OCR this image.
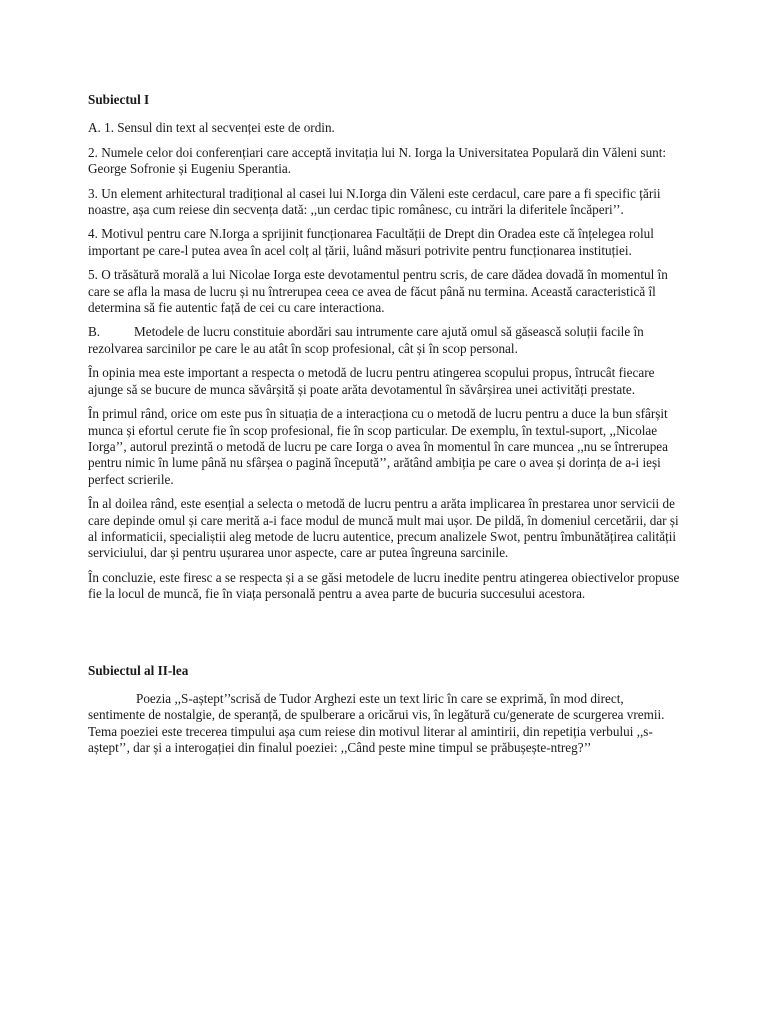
Subiectul I

A. 1. Sensul din text al secvenței este de ordin.

2. Numele celor doi conferențiari care acceptă invitația lui N. Iorga la Universitatea Populară din Văleni sunt: George Sofronie și Eugeniu Sperantia.

3. Un element arhitectural tradițional al casei lui N.Iorga din Văleni este cerdacul, care pare a fi specific țării noastre, așa cum reiese din secvența dată: ,,un cerdac tipic românesc, cu intrări la diferitele încăperi’’.

4. Motivul pentru care N.Iorga a sprijinit funcționarea Facultății de Drept din Oradea este că înțelegea rolul important pe care-l putea avea în acel colț al țării, luând măsuri potrivite pentru funcționarea instituției.

5. O trăsătură morală a lui Nicolae Iorga este devotamentul pentru scris, de care dădea dovadă în momentul în care se afla la masa de lucru și nu întrerupea ceea ce avea de făcut până nu termina. Această caracteristică îl determina să fie autentic față de cei cu care interactiona.

B.	Metodele de lucru constituie abordări sau intrumente care ajută omul să găsească soluții facile în rezolvarea sarcinilor pe care le au atât în scop profesional, cât și în scop personal.

În opinia mea este important a respecta o metodă de lucru pentru atingerea scopului propus, întrucât fiecare ajunge să se bucure de munca săvârșită și poate arăta devotamentul în săvârșirea unei activități prestate.

În primul rând, orice om este pus în situația de a interacționa cu o metodă de lucru pentru a duce la bun sfârșit munca și efortul cerute fie în scop profesional, fie în scop particular. De exemplu, în textul-suport, ,,Nicolae Iorga’’, autorul prezintă o metodă de lucru pe care Iorga o avea în momentul în care muncea ,,nu se întrerupea pentru nimic în lume până nu sfârșea o pagină începută’’, arătând ambiția pe care o avea și dorința de a-i ieși perfect scrierile.

În al doilea rând, este esențial a selecta o metodă de lucru pentru a arăta implicarea în prestarea unor servicii de care depinde omul și care merită a-i face modul de muncă mult mai ușor. De pildă, în domeniul cercetării, dar și al informaticii, specialiștii aleg metode de lucru autentice, precum analizele Swot, pentru îmbunătățirea calității serviciului, dar și pentru ușurarea unor aspecte, care ar putea îngreuna sarcinile.

În concluzie, este firesc a se respecta și a se găsi metodele de lucru inedite pentru atingerea obiectivelor propuse fie la locul de muncă, fie în viața personală pentru a avea parte de bucuria succesului acestora.

Subiectul al II-lea

Poezia ,,S-aștept’’scrisă de Tudor Arghezi este un text liric în care se exprimă, în mod direct, sentimente de nostalgie, de speranță, de spulberare a oricărui vis, în legătură cu/generate de scurgerea vremii. Tema poeziei este trecerea timpului așa cum reiese din motivul literar al amintirii, din repetiția verbului ,,s-aștept’’, dar și a interogației din finalul poeziei: ,,Când peste mine timpul se prăbușește-ntreg?’’
